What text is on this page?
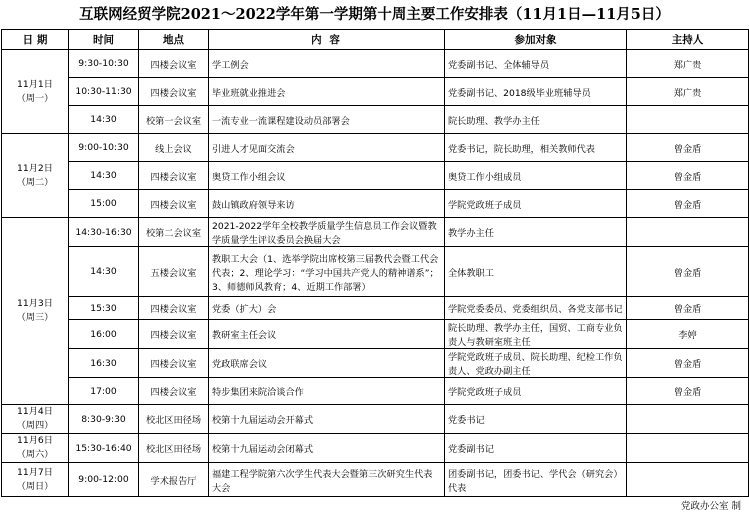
互联网经贸学院2021～2022学年第一学期第十周主要工作安排表（11月1日—11月5日）
日 期	时间	地点	内 容	参加对象	主持人

11月1日
（周一）	9:30-10:30	四楼会议室	学工例会	党委副书记、全体辅导员	郑广贵
	10:30-11:30	四楼会议室	毕业班就业推进会	党委副书记、2018级毕业班辅导员	郑广贵
	14:30	校第一会议室	一流专业一流课程建设动员部署会	院长助理、教学办主任	

11月2日
（周二）	9:00-10:30	线上会议	引进人才见面交流会	党委书记，院长助理，相关教师代表	曾金盾
	14:30	四楼会议室	奥贷工作小组会议	奥贷工作小组成员	曾金盾
	15:00	四楼会议室	鼓山镇政府领导来访	学院党政班子成员	曾金盾

11月3日
（周三）	14:30-16:30	校第二会议室	2021-2022学年全校教学质量学生信息员工作会议暨教学质量学生评议委员会换届大会	教学办主任	
	14:30	五楼会议室	教职工大会（1、选举学院出席校第三届教代会暨工代会代表；2、理论学习：“学习中国共产党人的精神谱系”；3、师德师风教育；4、近期工作部署）	全体教职工	曾金盾
	15:30	四楼会议室	党委（扩大）会	学院党委委员、党委组织员、各党支部书记	曾金盾
	16:00	四楼会议室	教研室主任会议	院长助理、教学办主任，国贸、工商专业负责人与教研室班主任	李婷
	16:30	四楼会议室	党政联席会议	学院党政班子成员、院长助理、纪检工作负责人、党政办副主任	曾金盾
	17:00	四楼会议室	特步集团来院洽谈合作	学院党政班子成员	曾金盾

11月4日
（周四）	8:30-9:30	校北区田径场	校第十九届运动会开幕式	党委书记	

11月6日
（周六）	15:30-16:40	校北区田径场	校第十九届运动会闭幕式	党委副书记	

11月7日
（周日）	9:00-12:00	学术报告厅	福建工程学院第六次学生代表大会暨第三次研究生代表大会	团委副书记，团委书记、学代会（研究会）代表	
党政办公室 制
